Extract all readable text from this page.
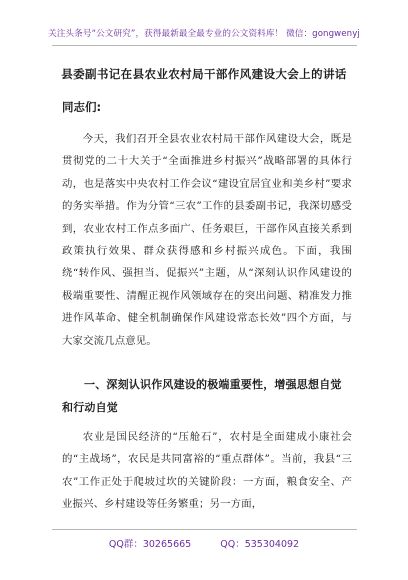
关注头条号“公文研究”，获得最新最全最专业的公文资料库！ 微信：gongwenyj
县委副书记在县农业农村局干部作风建设大会上的讲话
同志们:
今天，我们召开全县农业农村局干部作风建设大会，既是贯彻党的二十大关于“全面推进乡村振兴”战略部署的具体行动，也是落实中央农村工作会议“建设宜居宜业和美乡村”要求的务实举措。作为分管“三农”工作的县委副书记，我深切感受到，农业农村工作点多面广、任务艰巨，干部作风直接关系到政策执行效果、群众获得感和乡村振兴成色。下面，我围绕“转作风、强担当、促振兴”主题，从“深刻认识作风建设的极端重要性、清醒正视作风领域存在的突出问题、精准发力推进作风革命、健全机制确保作风建设常态长效”四个方面，与大家交流几点意见。
一、深刻认识作风建设的极端重要性，增强思想自觉和行动自觉
农业是国民经济的“压舱石”，农村是全面建成小康社会的“主战场”，农民是共同富裕的“重点群体”。当前，我县“三农”工作正处于爬坡过坎的关键阶段：一方面，粮食安全、产业振兴、乡村建设等任务繁重；另一方面，
QQ群：30265665	QQ：535304092
